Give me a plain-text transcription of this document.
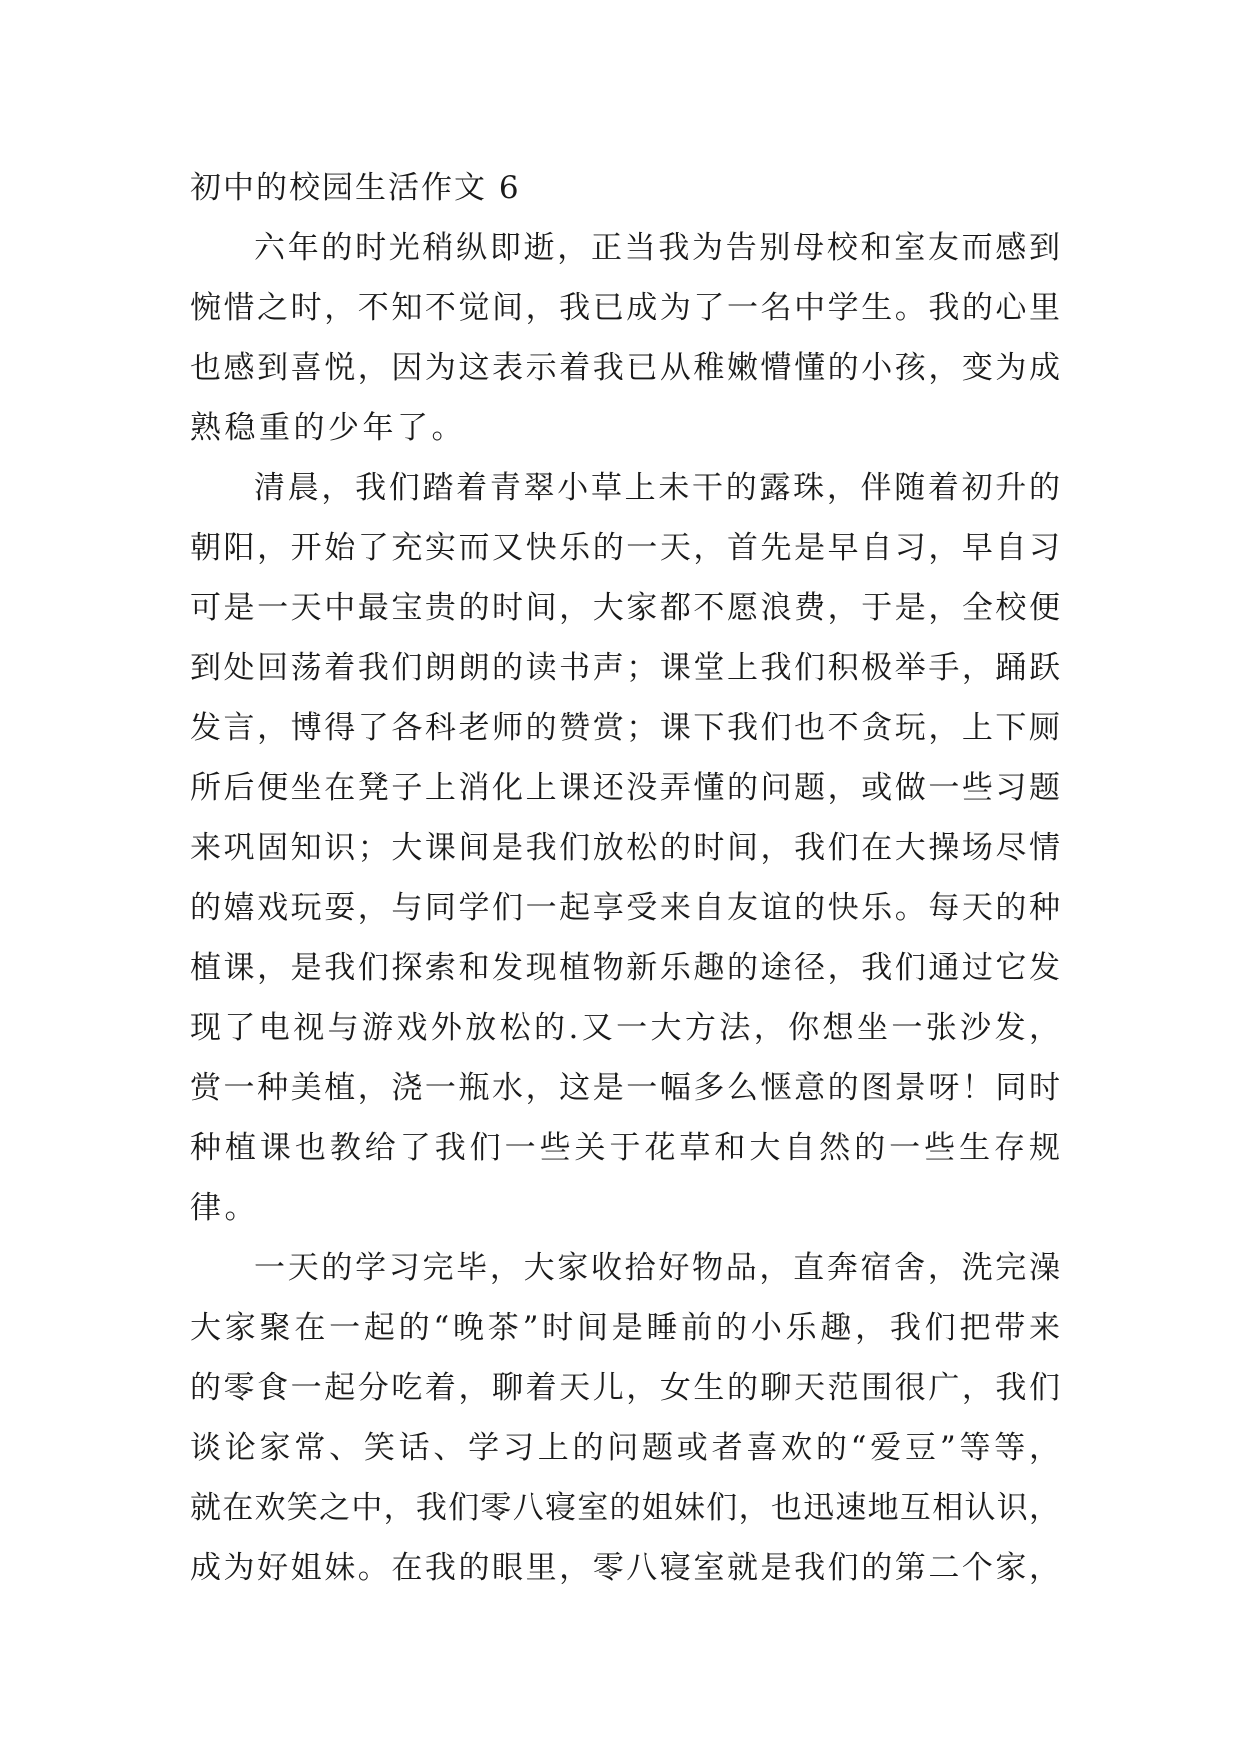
初中的校园生活作文 6
六年的时光稍纵即逝，正当我为告别母校和室友而感到
惋惜之时，不知不觉间，我已成为了一名中学生。我的心里
也感到喜悦，因为这表示着我已从稚嫩懵懂的小孩，变为成
熟稳重的少年了。
清晨，我们踏着青翠小草上未干的露珠，伴随着初升的
朝阳，开始了充实而又快乐的一天，首先是早自习，早自习
可是一天中最宝贵的时间，大家都不愿浪费，于是，全校便
到处回荡着我们朗朗的读书声；课堂上我们积极举手，踊跃
发言，博得了各科老师的赞赏；课下我们也不贪玩，上下厕
所后便坐在凳子上消化上课还没弄懂的问题，或做一些习题
来巩固知识；大课间是我们放松的时间，我们在大操场尽情
的嬉戏玩耍，与同学们一起享受来自友谊的快乐。每天的种
植课，是我们探索和发现植物新乐趣的途径，我们通过它发
现了电视与游戏外放松的.又一大方法，你想坐一张沙发，
赏一种美植，浇一瓶水，这是一幅多么惬意的图景呀！同时
种植课也教给了我们一些关于花草和大自然的一些生存规
律。
一天的学习完毕，大家收拾好物品，直奔宿舍，洗完澡
大家聚在一起的“晚茶”时间是睡前的小乐趣，我们把带来
的零食一起分吃着，聊着天儿，女生的聊天范围很广，我们
谈论家常、笑话、学习上的问题或者喜欢的“爱豆”等等，
就在欢笑之中，我们零八寝室的姐妹们，也迅速地互相认识，
成为好姐妹。在我的眼里，零八寝室就是我们的第二个家，
